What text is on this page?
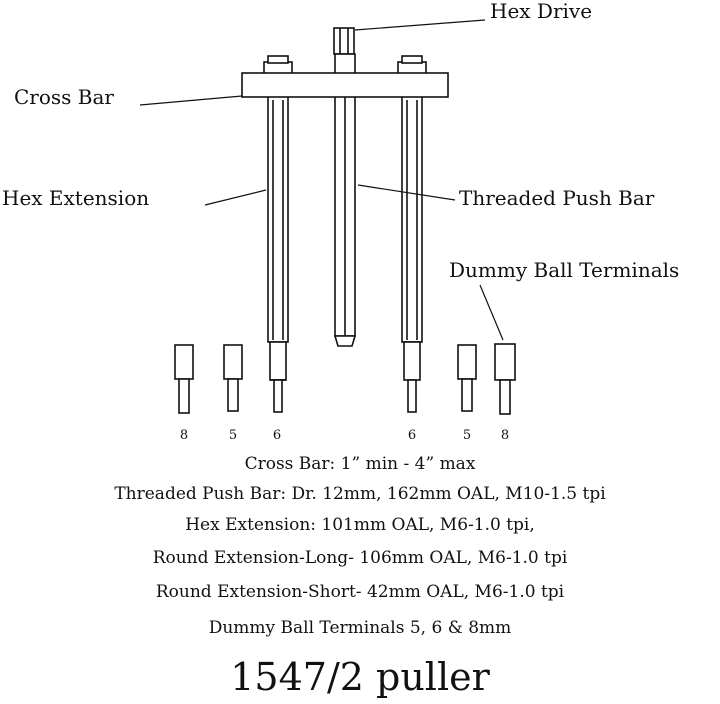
Hex Drive
Cross Bar
Hex Extension	Threaded Push Bar
Dummy Ball Terminals
8	5	6	6	5 8
Cross Bar: 1” min - 4” max
Threaded Push Bar: Dr. 12mm, 162mm OAL, M10-1.5 tpi
Hex Extension: 101mm OAL, M6-1.0 tpi,
Round Extension-Long- 106mm OAL, M6-1.0 tpi
Round Extension-Short- 42mm OAL, M6-1.0 tpi
Dummy Ball Terminals 5, 6 & 8mm
1547/2 puller
